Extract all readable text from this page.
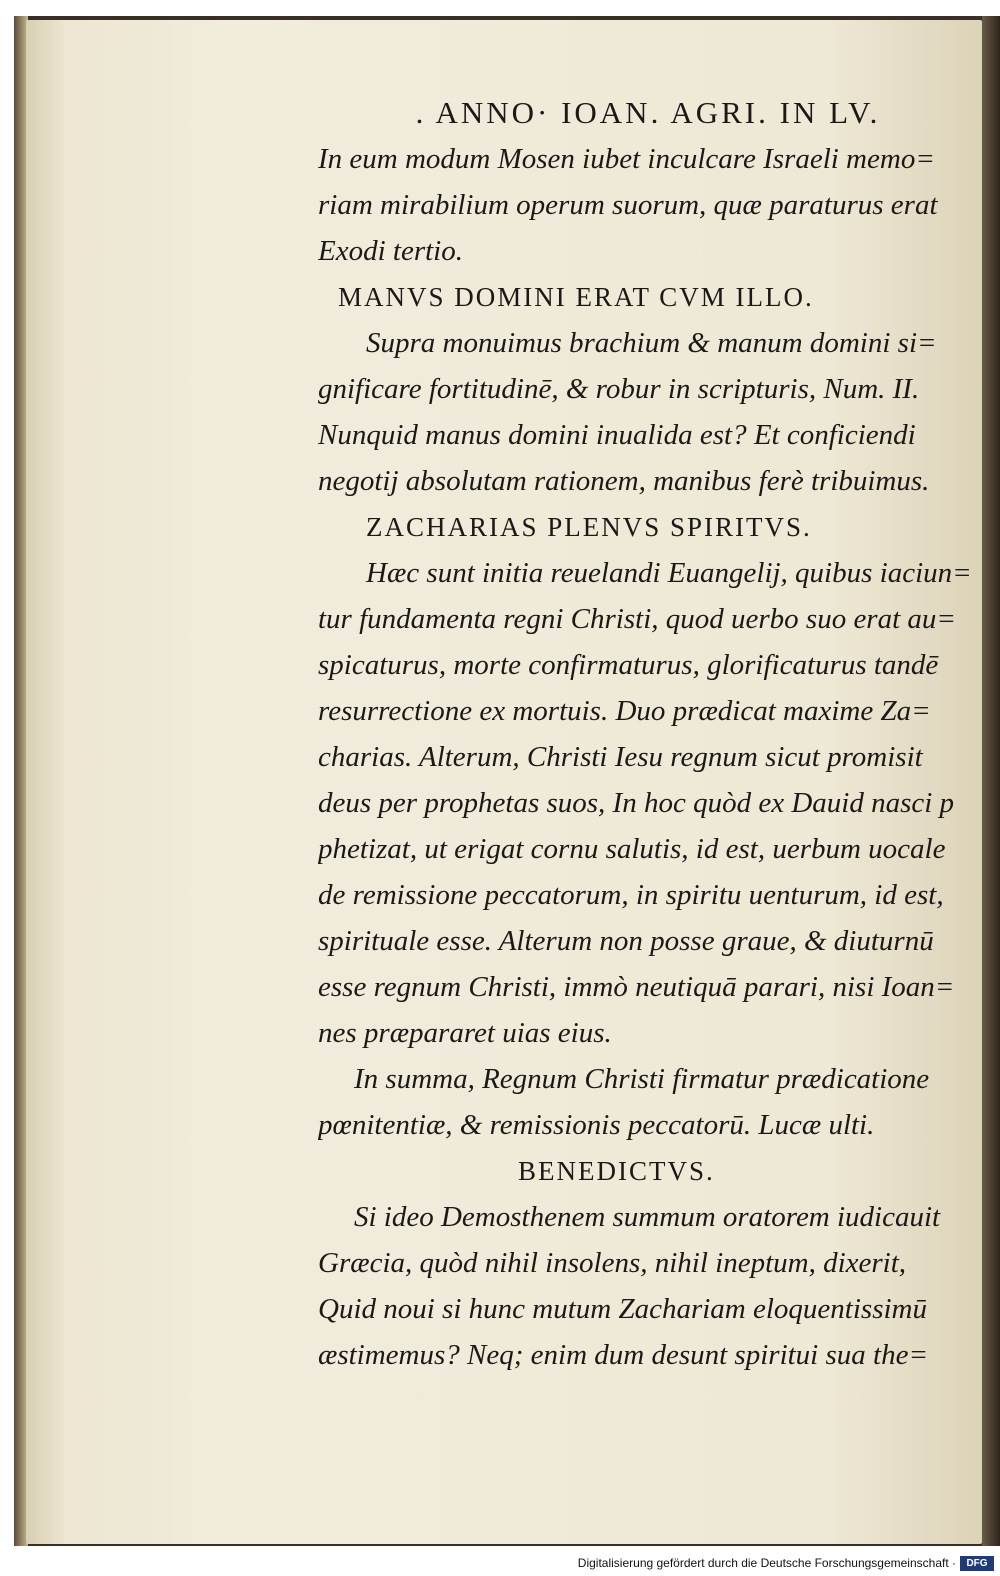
. ANNO· IOAN. AGRI. IN LV.
In eum modum Mosen iubet inculcare Israeli memo=
riam mirabilium operum suorum, quæ paraturus erat
Exodi tertio.
MANVS DOMINI ERAT CVM ILLO.
Supra monuimus brachium & manum domini si=
gnificare fortitudinē, & robur in scripturis, Num. II.
Nunquid manus domini inualida est? Et conficiendi
negotij absolutam rationem, manibus ferè tribuimus.
ZACHARIAS PLENVS SPIRITVS.
Hæc sunt initia reuelandi Euangelij, quibus iaciun=
tur fundamenta regni Christi, quod uerbo suo erat au=
spicaturus, morte confirmaturus, glorificaturus tandē
resurrectione ex mortuis. Duo prædicat maxime Za=
charias. Alterum, Christi Iesu regnum sicut promisit
deus per prophetas suos, In hoc quòd ex Dauid nasci p
phetizat, ut erigat cornu salutis, id est, uerbum uocale
de remissione peccatorum, in spiritu uenturum, id est,
spirituale esse. Alterum non posse graue, & diuturnū
esse regnum Christi, immò neutiquā parari, nisi Ioan=
nes præpararet uias eius.
In summa, Regnum Christi firmatur prædicatione
pœnitentiæ, & remissionis peccatorū. Lucæ ulti.
BENEDICTVS.
Si ideo Demosthenem summum oratorem iudicauit
Græcia, quòd nihil insolens, nihil ineptum, dixerit,
Quid noui si hunc mutum Zachariam eloquentissimū
æstimemus? Neq; enim dum desunt spiritui sua the=
Digitalisierung gefördert durch die Deutsche Forschungsgemeinschaft ·	DFG
